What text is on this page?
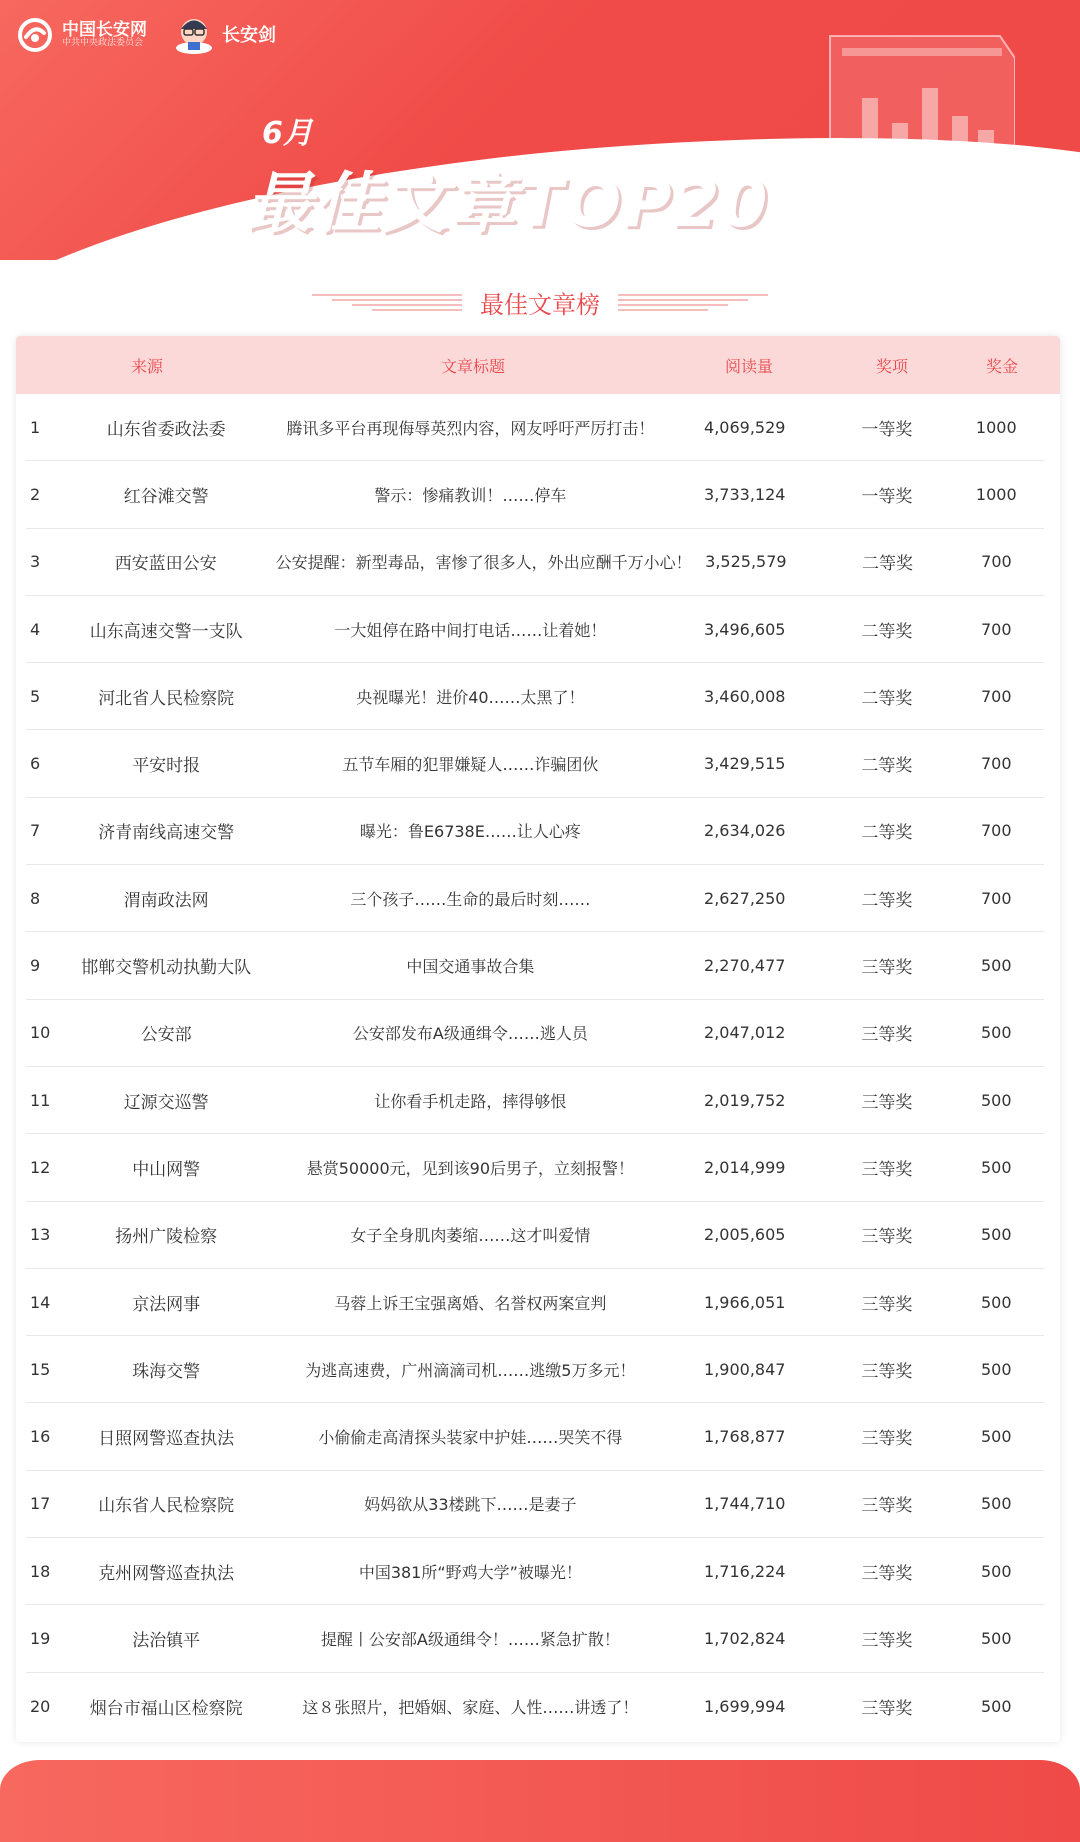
中国长安网
中共中央政法委员会	长安剑
6月
最佳文章TOP20
最佳文章榜
来源	文章标题	阅读量	奖项	奖金
1	山东省委政法委	腾讯多平台再现侮辱英烈内容，网友呼吁严厉打击！	4,069,529	一等奖	1000
2	红谷滩交警	警示：惨痛教训！……停车	3,733,124	一等奖	1000
3	西安蓝田公安	公安提醒：新型毒品，害惨了很多人，外出应酬千万小心！ 3,525,579	二等奖	700
4	山东高速交警一支队	一大姐停在路中间打电话……让着她！	3,496,605	二等奖	700
5	河北省人民检察院	央视曝光！进价40……太黑了！	3,460,008	二等奖	700
6	平安时报	五节车厢的犯罪嫌疑人……诈骗团伙	3,429,515	二等奖	700
7	济青南线高速交警	曝光：鲁E6738E……让人心疼	2,634,026	二等奖	700
8	渭南政法网	三个孩子……生命的最后时刻……	2,627,250	二等奖	700
9	邯郸交警机动执勤大队	中国交通事故合集	2,270,477	三等奖	500
10	公安部	公安部发布A级通缉令……逃人员	2,047,012	三等奖	500
11	辽源交巡警	让你看手机走路，摔得够恨	2,019,752	三等奖	500
12	中山网警	悬赏50000元，见到该90后男子，立刻报警！	2,014,999	三等奖	500
13	扬州广陵检察	女子全身肌肉萎缩……这才叫爱情	2,005,605	三等奖	500
14	京法网事	马蓉上诉王宝强离婚、名誉权两案宣判	1,966,051	三等奖	500
15	珠海交警	为逃高速费，广州滴滴司机……逃缴5万多元！	1,900,847	三等奖	500
16	日照网警巡查执法	小偷偷走高清探头装家中护娃……哭笑不得	1,768,877	三等奖	500
17	山东省人民检察院	妈妈欲从33楼跳下……是妻子	1,744,710	三等奖	500
18	克州网警巡查执法	中国381所“野鸡大学”被曝光！	1,716,224	三等奖	500
19	法治镇平	提醒丨公安部A级通缉令！……紧急扩散！	1,702,824	三等奖	500
20	烟台市福山区检察院	这８张照片，把婚姻、家庭、人性……讲透了！	1,699,994	三等奖	500
